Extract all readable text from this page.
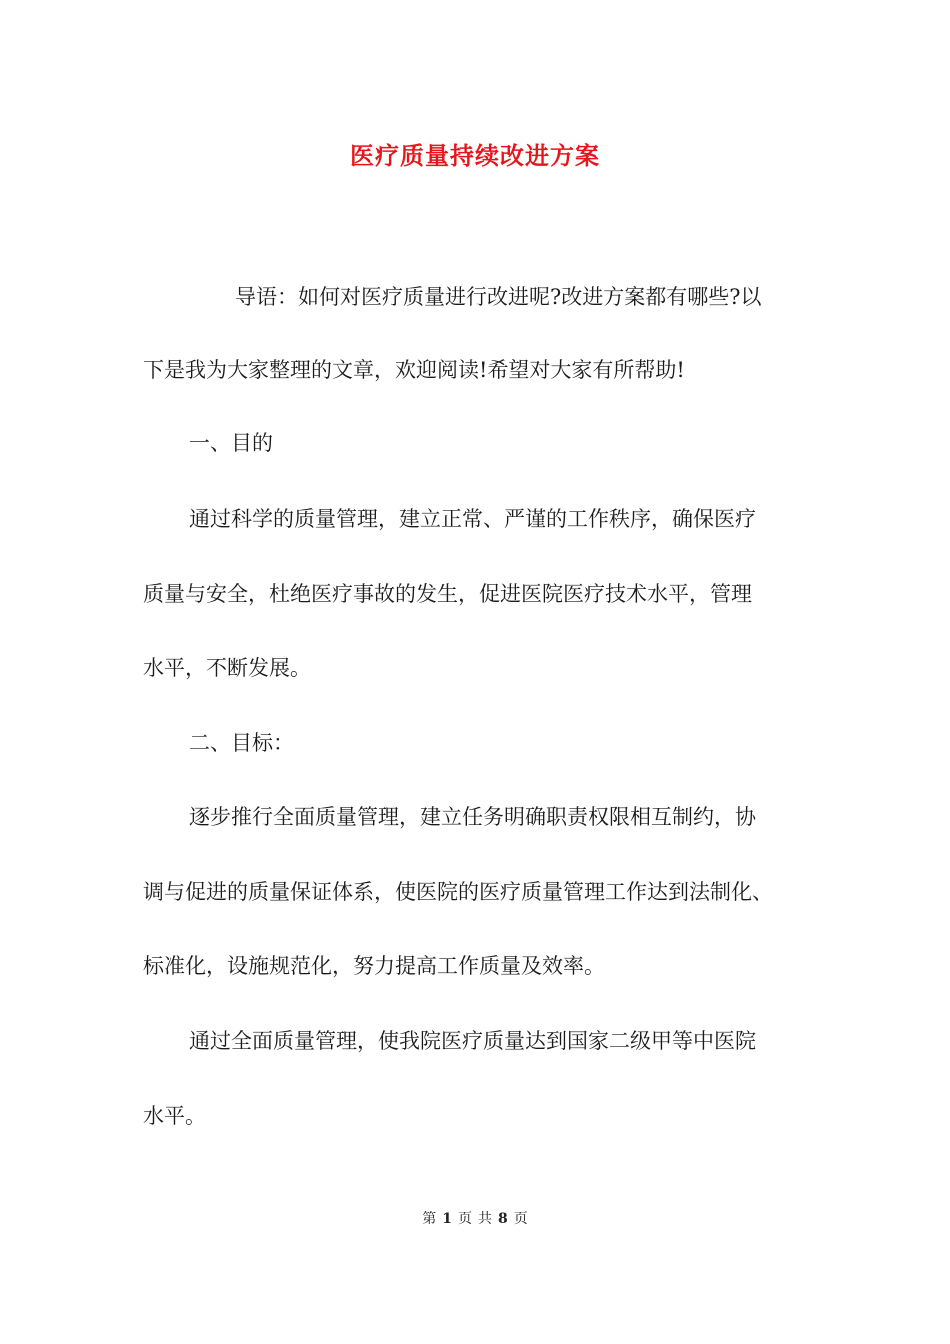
医疗质量持续改进方案
导语：如何对医疗质量进行改进呢?改进方案都有哪些?以
下是我为大家整理的文章，欢迎阅读!希望对大家有所帮助!
一、目的
通过科学的质量管理，建立正常、严谨的工作秩序，确保医疗
质量与安全，杜绝医疗事故的发生，促进医院医疗技术水平，管理
水平，不断发展。
二、目标：
逐步推行全面质量管理，建立任务明确职责权限相互制约，协
调与促进的质量保证体系，使医院的医疗质量管理工作达到法制化、
标准化，设施规范化，努力提高工作质量及效率。
通过全面质量管理，使我院医疗质量达到国家二级甲等中医院
水平。
第 1 页 共 8 页
